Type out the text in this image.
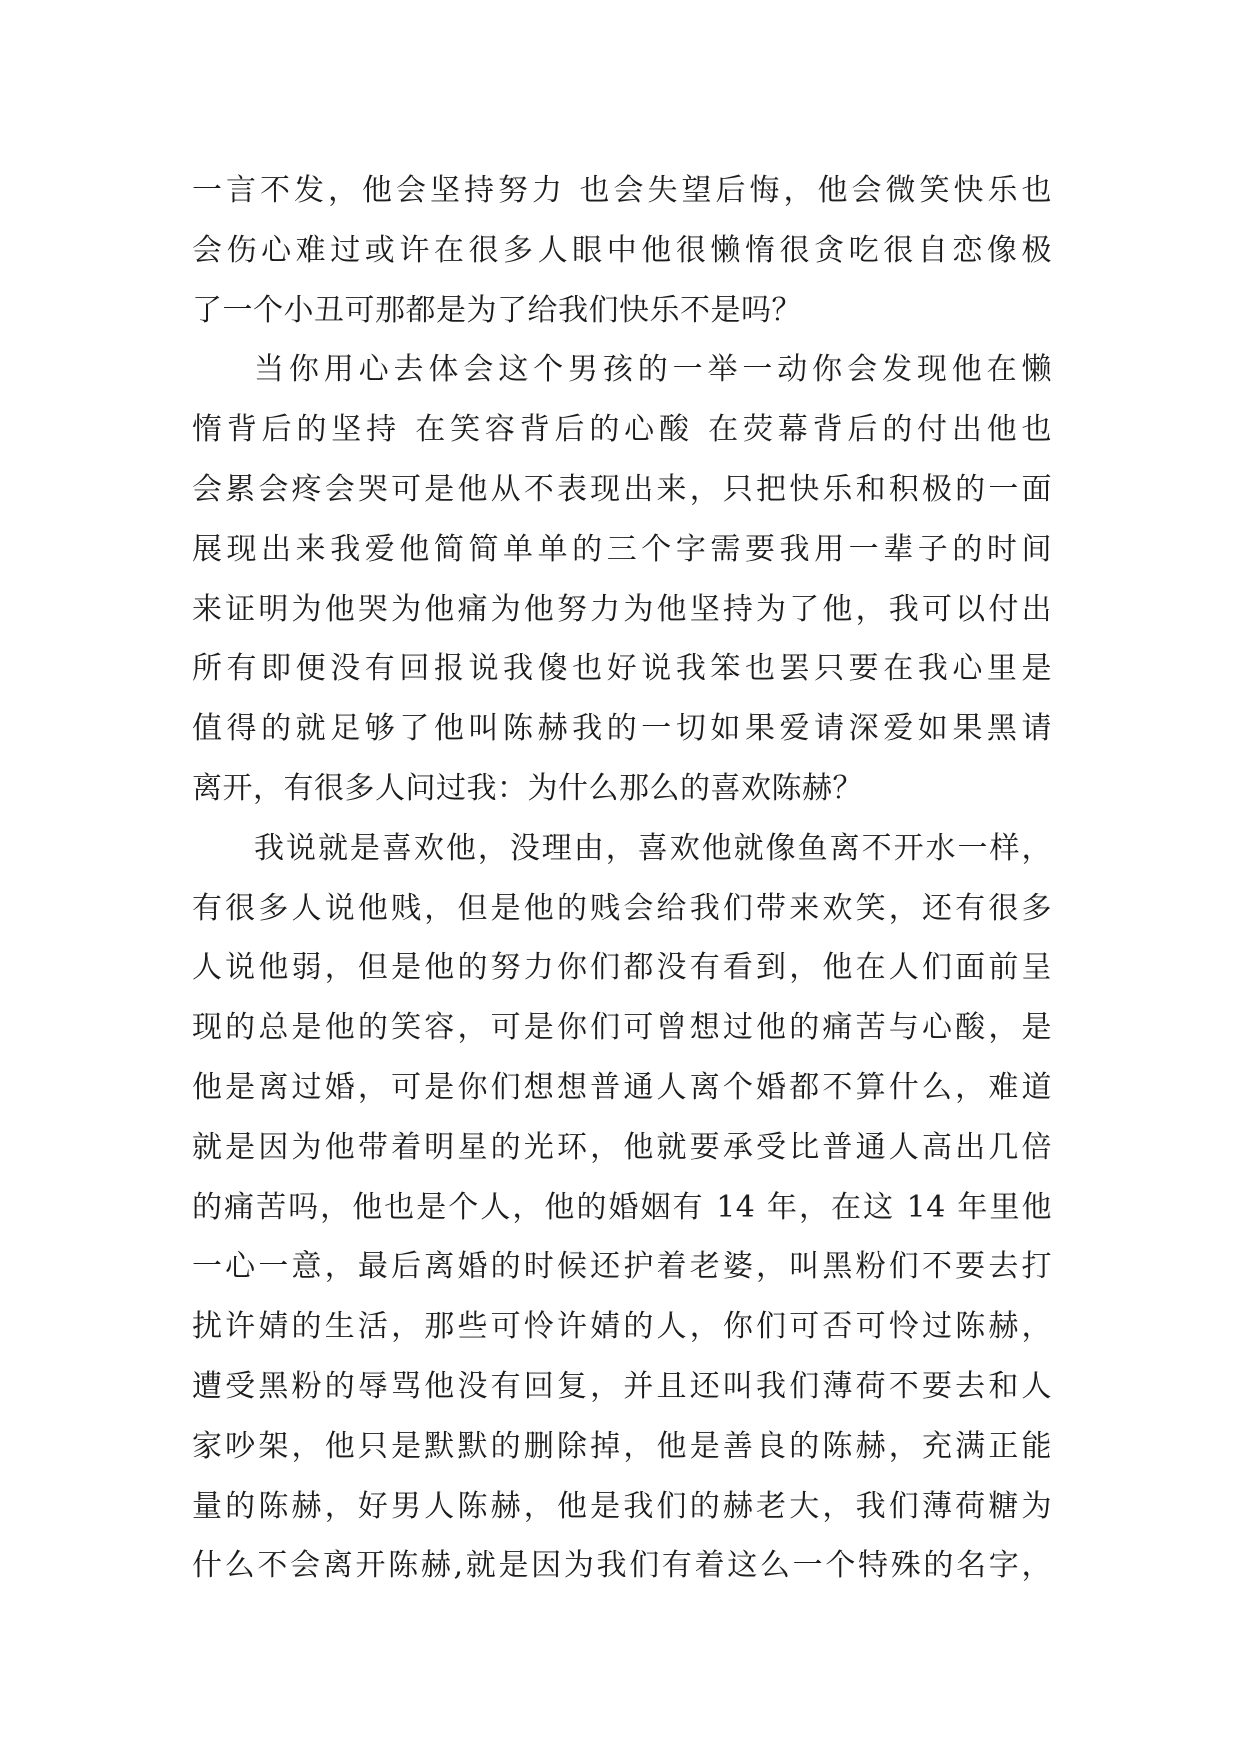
一言不发，他会坚持努力 也会失望后悔，他会微笑快乐也
会伤心难过或许在很多人眼中他很懒惰很贪吃很自恋像极
了一个小丑可那都是为了给我们快乐不是吗？
当你用心去体会这个男孩的一举一动你会发现他在懒
惰背后的坚持 在笑容背后的心酸 在荧幕背后的付出他也
会累会疼会哭可是他从不表现出来，只把快乐和积极的一面
展现出来我爱他简简单单的三个字需要我用一辈子的时间
来证明为他哭为他痛为他努力为他坚持为了他，我可以付出
所有即便没有回报说我傻也好说我笨也罢只要在我心里是
值得的就足够了他叫陈赫我的一切如果爱请深爱如果黑请
离开，有很多人问过我：为什么那么的喜欢陈赫？
我说就是喜欢他，没理由，喜欢他就像鱼离不开水一样，
有很多人说他贱，但是他的贱会给我们带来欢笑，还有很多
人说他弱，但是他的努力你们都没有看到，他在人们面前呈
现的总是他的笑容，可是你们可曾想过他的痛苦与心酸，是
他是离过婚，可是你们想想普通人离个婚都不算什么，难道
就是因为他带着明星的光环，他就要承受比普通人高出几倍
的痛苦吗，他也是个人，他的婚姻有 14 年，在这 14 年里他
一心一意，最后离婚的时候还护着老婆，叫黑粉们不要去打
扰许婧的生活，那些可怜许婧的人，你们可否可怜过陈赫，
遭受黑粉的辱骂他没有回复，并且还叫我们薄荷不要去和人
家吵架，他只是默默的删除掉，他是善良的陈赫，充满正能
量的陈赫，好男人陈赫，他是我们的赫老大，我们薄荷糖为
什么不会离开陈赫,就是因为我们有着这么一个特殊的名字，
